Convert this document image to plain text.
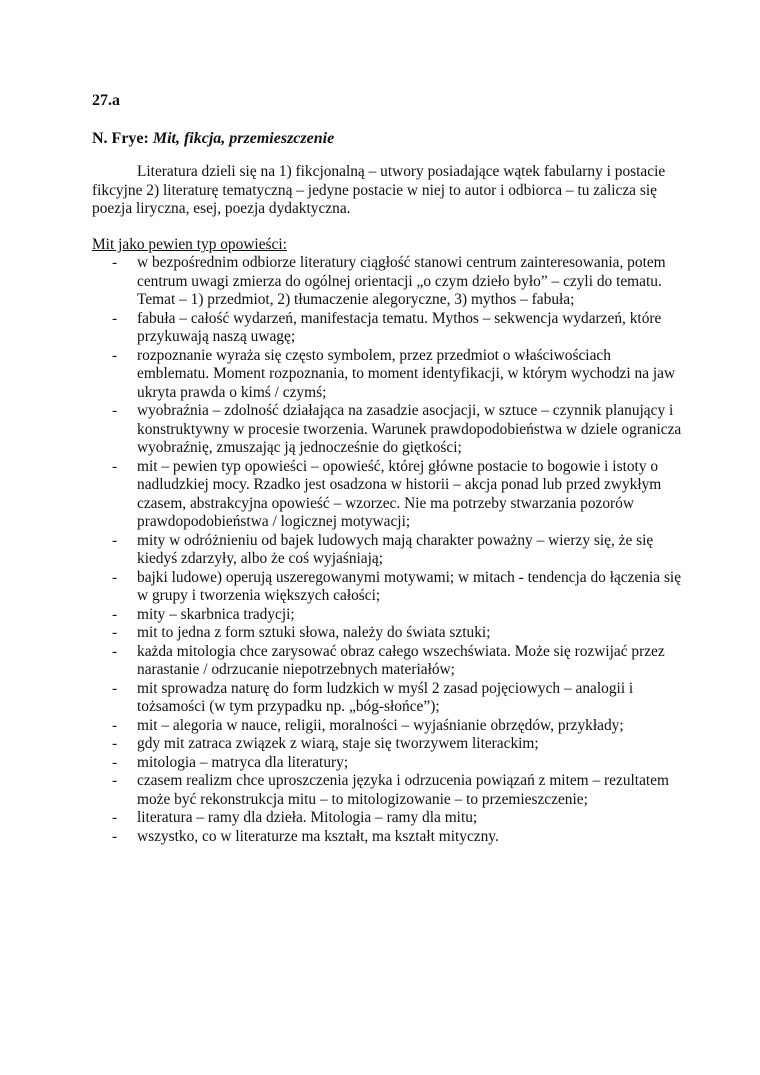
27.a
N. Frye: Mit, fikcja, przemieszczenie

Literatura dzieli się na 1) fikcjonalną – utwory posiadające wątek fabularny i postacie fikcyjne 2) literaturę tematyczną – jedyne postacie w niej to autor i odbiorca – tu zalicza się poezja liryczna, esej, poezja dydaktyczna.

Mit jako pewien typ opowieści:
- w bezpośrednim odbiorze literatury ciągłość stanowi centrum zainteresowania, potem centrum uwagi zmierza do ogólnej orientacji „o czym dzieło było” – czyli do tematu. Temat – 1) przedmiot, 2) tłumaczenie alegoryczne, 3) mythos – fabuła;
- fabuła – całość wydarzeń, manifestacja tematu. Mythos – sekwencja wydarzeń, które przykuwają naszą uwagę;
- rozpoznanie wyraża się często symbolem, przez przedmiot o właściwościach emblematu. Moment rozpoznania, to moment identyfikacji, w którym wychodzi na jaw ukryta prawda o kimś / czymś;
- wyobraźnia – zdolność działająca na zasadzie asocjacji, w sztuce – czynnik planujący i konstruktywny w procesie tworzenia. Warunek prawdopodobieństwa w dziele ogranicza wyobraźnię, zmuszając ją jednocześnie do giętkości;
- mit – pewien typ opowieści – opowieść, której główne postacie to bogowie i istoty o nadludzkiej mocy. Rzadko jest osadzona w historii – akcja ponad lub przed zwykłym czasem, abstrakcyjna opowieść – wzorzec. Nie ma potrzeby stwarzania pozorów prawdopodobieństwa / logicznej motywacji;
- mity w odróżnieniu od bajek ludowych mają charakter poważny – wierzy się, że się kiedyś zdarzyły, albo że coś wyjaśniają;
- bajki ludowe) operują uszeregowanymi motywami; w mitach - tendencja do łączenia się w grupy i tworzenia większych całości;
- mity – skarbnica tradycji;
- mit to jedna z form sztuki słowa, należy do świata sztuki;
- każda mitologia chce zarysować obraz całego wszechświata. Może się rozwijać przez narastanie / odrzucanie niepotrzebnych materiałów;
- mit sprowadza naturę do form ludzkich w myśl 2 zasad pojęciowych – analogii i tożsamości (w tym przypadku np. „bóg-słońce”);
- mit – alegoria w nauce, religii, moralności – wyjaśnianie obrzędów, przykłady;
- gdy mit zatraca związek z wiarą, staje się tworzywem literackim;
- mitologia – matryca dla literatury;
- czasem realizm chce uproszczenia języka i odrzucenia powiązań z mitem – rezultatem może być rekonstrukcja mitu – to mitologizowanie – to przemieszczenie;
- literatura – ramy dla dzieła. Mitologia – ramy dla mitu;
- wszystko, co w literaturze ma kształt, ma kształt mityczny.
